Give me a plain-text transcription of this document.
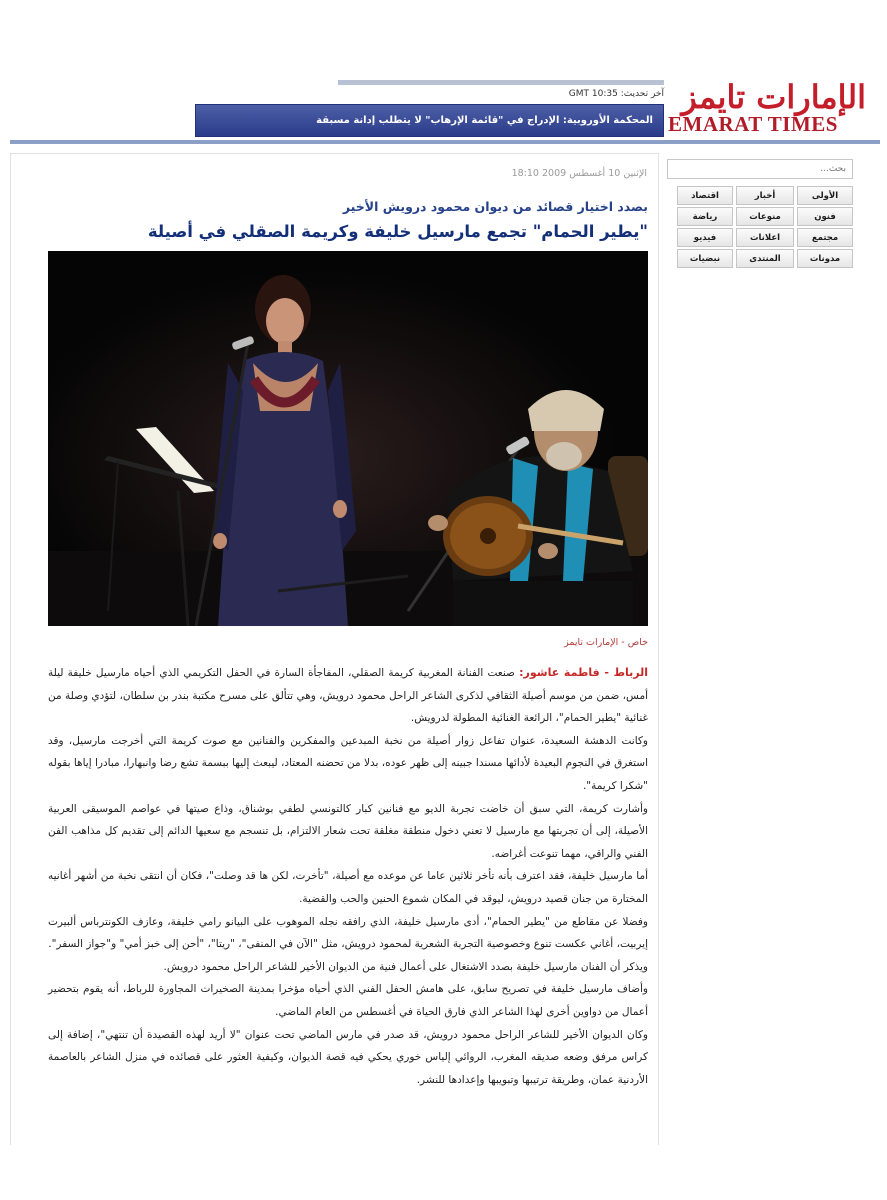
آخر تحديث: 10:35 GMT
المحكمة الأوروبية: الإدراج في "قائمة الإرهاب" لا يتطلب إدانة مسبقة
الإمارات تايمز
EMARAT TIMES
بحث...
الأولى
أخبار
اقتصاد
فنون
منوعات
رياضة
مجتمع
اعلانات
فيديو
مدونات
المنتدى
نبضيات
الإثنين 10 أغسطس 2009 18:10
بصدد اختيار قصائد من ديوان محمود درويش الأخير
"يطير الحمام" تجمع مارسيل خليفة وكريمة الصقلي في أصيلة
خاص - الإمارات تايمز

الرباط - فاطمة عاشور: صنعت الفنانة المغربية كريمة الصقلي، المفاجأة السارة في الحفل التكريمي الذي أحياه مارسيل خليفة ليلة أمس، ضمن من موسم أصيلة الثقافي لذكرى الشاعر الراحل محمود درويش، وهي تتألق على مسرح مكتبة بندر بن سلطان، لتؤدي وصلة من غنائية "يطير الحمام"، الرائعة الغنائية المطولة لدرويش.

وكانت الدهشة السعيدة، عنوان تفاعل زوار أصيلة من نخبة المبدعين والمفكرين والفنانين مع صوت كريمة التي أخرجت مارسيل، وقد استغرق في النجوم البعيدة لأدائها مسندا جبينه إلى ظهر عوده، بدلا من تحضنه المعتاد، ليبعث إليها ببسمة تشع رضا وانبهارا، مبادرا إياها بقوله "شكرا كريمة".

وأشارت كريمة، التي سبق أن خاضت تجربة الديو مع فنانين كبار كالتونسي لطفي بوشناق، وذاع صيتها في عواصم الموسيقى العربية الأصيلة، إلى أن تجربتها مع مارسيل لا تعني دخول منطقة مغلقة تحت شعار الالتزام، بل تنسجم مع سعيها الدائم إلى تقديم كل مذاهب الفن الفني والراقي، مهما تنوعت أغراضه.

أما مارسيل خليفة، فقد اعترف بأنه تأخر ثلاثين عاما عن موعده مع أصيلة، "تأخرت، لكن ها قد وصلت"، فكان أن انتقى نخبة من أشهر أغانيه المختارة من جنان قصيد درويش، ليوقد في المكان شموع الحنين والحب والقضية.

وفضلا عن مقاطع من "يطير الحمام"، أدى مارسيل خليفة، الذي رافقه نجله الموهوب على البيانو رامي خليفة، وعازف الكونترباس ألبيرت إيربيت، أغاني عكست تنوع وخصوصية التجربة الشعرية لمحمود درويش، مثل "الآن في المنفى"، "ريتا"، "أحن إلى خبز أمي" و"جواز السفر".

ويذكر أن الفنان مارسيل خليفة بصدد الاشتغال على أعمال فنية من الديوان الأخير للشاعر الراحل محمود درويش.

وأضاف مارسيل خليفة في تصريح سابق، على هامش الحفل الفني الذي أحياه مؤخرا بمدينة الصخيرات المجاورة للرباط، أنه يقوم بتحضير أعمال من دواوين أخرى لهذا الشاعر الذي فارق الحياة في أغسطس من العام الماضي.

وكان الديوان الأخير للشاعر الراحل محمود درويش، قد صدر في مارس الماضي تحت عنوان "لا أريد لهذه القصيدة أن تنتهي"، إضافة إلى كراس مرفق وضعه صديقه المغرب، الروائي إلياس خوري يحكي فيه قصة الديوان، وكيفية العثور على قصائده في منزل الشاعر بالعاصمة الأردنية عمان، وطريقة ترتيبها وتبويبها وإعدادها للنشر.
